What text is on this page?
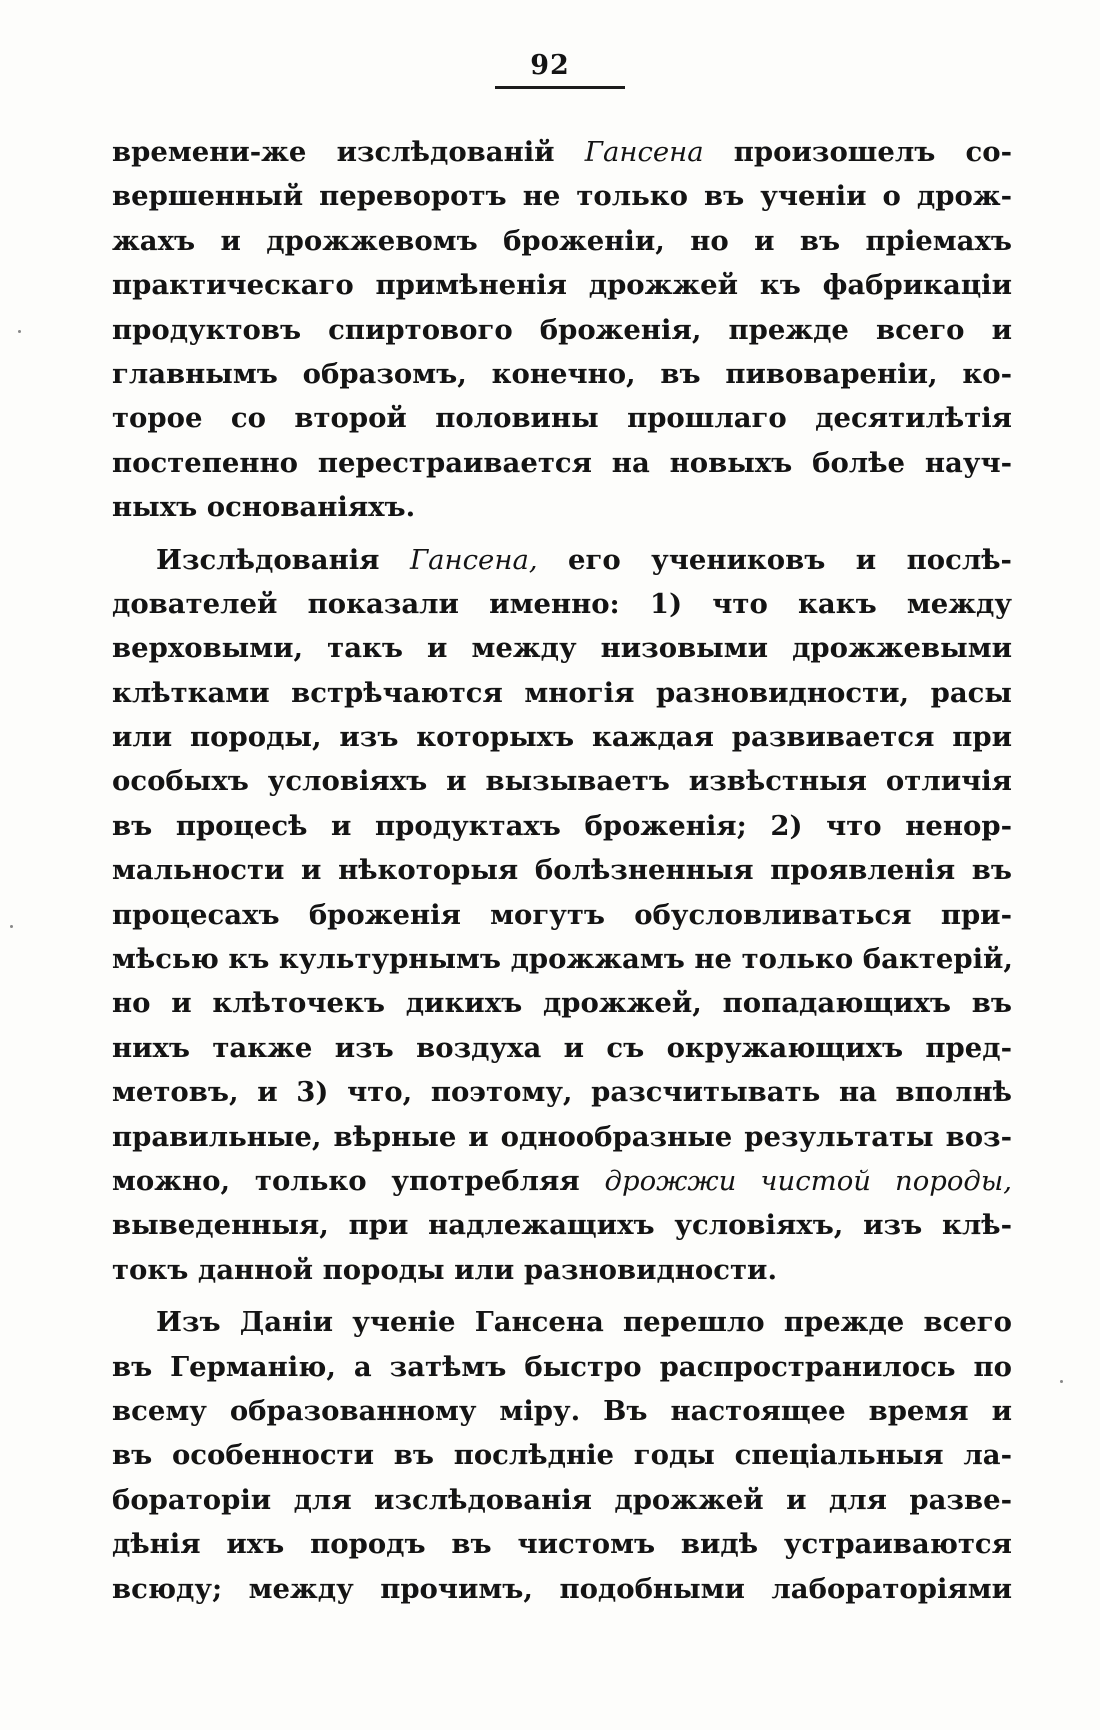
92
времени-же изслѣдованій Гансена произошелъ со-
вершенный переворотъ не только въ ученіи о дрож-
жахъ и дрожжевомъ броженіи, но и въ пріемахъ
практическаго примѣненія дрожжей къ фабрикаціи
продуктовъ спиртового броженія, прежде всего и
главнымъ образомъ, конечно, въ пивовареніи, ко-
торое со второй половины прошлаго десятилѣтія
постепенно перестраивается на новыхъ болѣе науч-
ныхъ основаніяхъ.
Изслѣдованія Гансена, его учениковъ и послѣ-
дователей показали именно: 1) что какъ между
верховыми, такъ и между низовыми дрожжевыми
клѣтками встрѣчаются многія разновидности, расы
или породы, изъ которыхъ каждая развивается при
особыхъ условіяхъ и вызываетъ извѣстныя отличія
въ процесѣ и продуктахъ броженія; 2) что ненор-
мальности и нѣкоторыя болѣзненныя проявленія въ
процесахъ броженія могутъ обусловливаться при-
мѣсью къ культурнымъ дрожжамъ не только бактерій,
но и клѣточекъ дикихъ дрожжей, попадающихъ въ
нихъ также изъ воздуха и съ окружающихъ пред-
метовъ, и 3) что, поэтому, разсчитывать на вполнѣ
правильные, вѣрные и однообразные результаты воз-
можно, только употребляя дрожжи чистой породы,
выведенныя, при надлежащихъ условіяхъ, изъ клѣ-
токъ данной породы или разновидности.
Изъ Даніи ученіе Гансена перешло прежде всего
въ Германію, а затѣмъ быстро распространилось по
всему образованному міру. Въ настоящее время и
въ особенности въ послѣдніе годы спеціальныя ла-
бораторіи для изслѣдованія дрожжей и для разве-
дѣнія ихъ породъ въ чистомъ видѣ устраиваются
всюду; между прочимъ, подобными лабораторіями
